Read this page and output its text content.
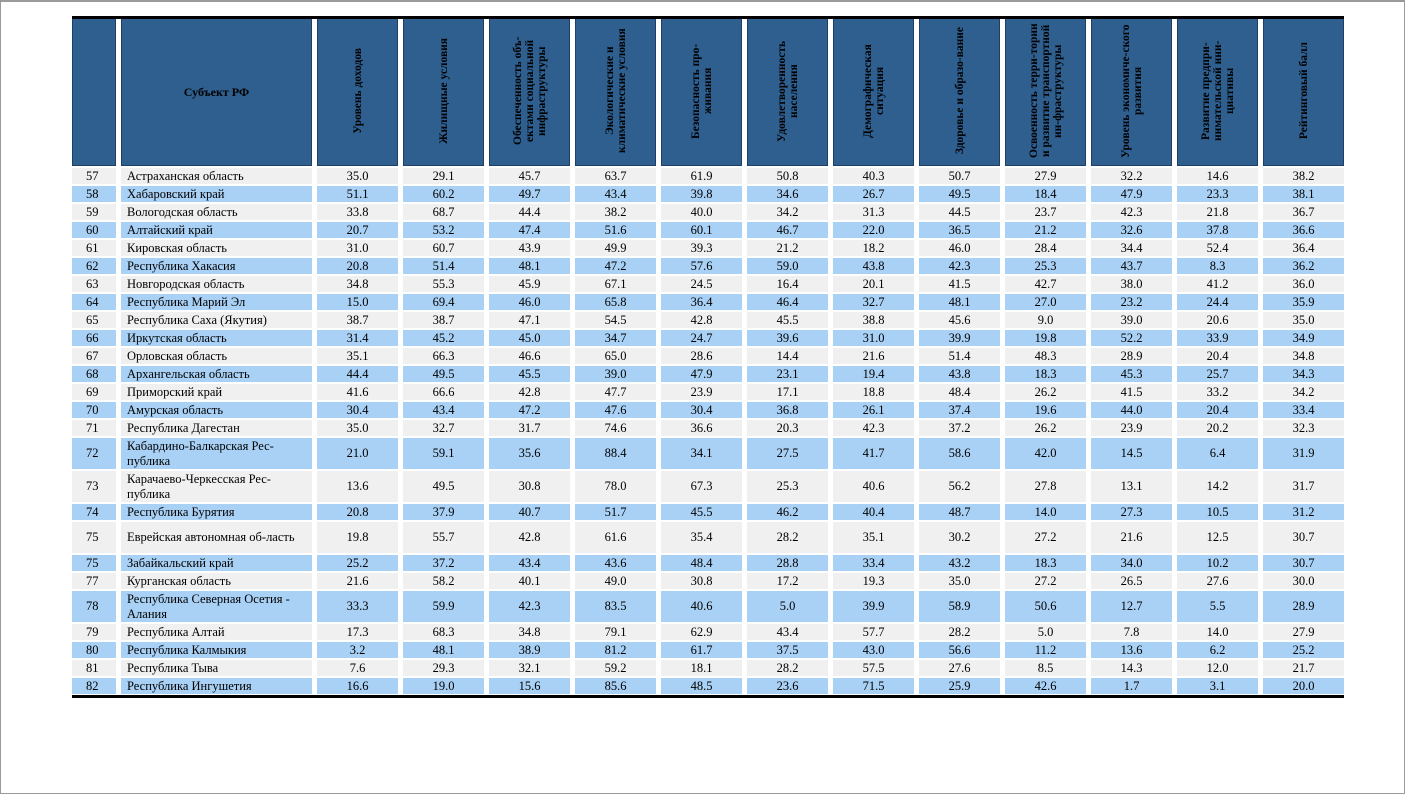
	Субъект РФ	Уровень доходов	Жилищные условия	Обеспеченность объ-ектами социальной инфраструктуры	Экологические и климатические условия	Безопасность про-живания	Удовлетворенность населения	Демографическая ситуация	Здоровье и образо-вание	Освоенность терри-тории и развитие транспортной ин-фраструктуры	Уровень экономиче-ского развития	Развитие предпри-нимательской ини-циативы	Рейтинговый балл
57	Астраханская область	35.0	29.1	45.7	63.7	61.9	50.8	40.3	50.7	27.9	32.2	14.6	38.2
58	Хабаровский край	51.1	60.2	49.7	43.4	39.8	34.6	26.7	49.5	18.4	47.9	23.3	38.1
59	Вологодская область	33.8	68.7	44.4	38.2	40.0	34.2	31.3	44.5	23.7	42.3	21.8	36.7
60	Алтайский край	20.7	53.2	47.4	51.6	60.1	46.7	22.0	36.5	21.2	32.6	37.8	36.6
61	Кировская область	31.0	60.7	43.9	49.9	39.3	21.2	18.2	46.0	28.4	34.4	52.4	36.4
62	Республика Хакасия	20.8	51.4	48.1	47.2	57.6	59.0	43.8	42.3	25.3	43.7	8.3	36.2
63	Новгородская область	34.8	55.3	45.9	67.1	24.5	16.4	20.1	41.5	42.7	38.0	41.2	36.0
64	Республика Марий Эл	15.0	69.4	46.0	65.8	36.4	46.4	32.7	48.1	27.0	23.2	24.4	35.9
65	Республика Саха (Якутия)	38.7	38.7	47.1	54.5	42.8	45.5	38.8	45.6	9.0	39.0	20.6	35.0
66	Иркутская область	31.4	45.2	45.0	34.7	24.7	39.6	31.0	39.9	19.8	52.2	33.9	34.9
67	Орловская область	35.1	66.3	46.6	65.0	28.6	14.4	21.6	51.4	48.3	28.9	20.4	34.8
68	Архангельская область	44.4	49.5	45.5	39.0	47.9	23.1	19.4	43.8	18.3	45.3	25.7	34.3
69	Приморский край	41.6	66.6	42.8	47.7	23.9	17.1	18.8	48.4	26.2	41.5	33.2	34.2
70	Амурская область	30.4	43.4	47.2	47.6	30.4	36.8	26.1	37.4	19.6	44.0	20.4	33.4
71	Республика Дагестан	35.0	32.7	31.7	74.6	36.6	20.3	42.3	37.2	26.2	23.9	20.2	32.3
72	Кабардино-Балкарская Рес-публика	21.0	59.1	35.6	88.4	34.1	27.5	41.7	58.6	42.0	14.5	6.4	31.9
73	Карачаево-Черкесская Рес-публика	13.6	49.5	30.8	78.0	67.3	25.3	40.6	56.2	27.8	13.1	14.2	31.7
74	Республика Бурятия	20.8	37.9	40.7	51.7	45.5	46.2	40.4	48.7	14.0	27.3	10.5	31.2
75	Еврейская автономная об-ласть	19.8	55.7	42.8	61.6	35.4	28.2	35.1	30.2	27.2	21.6	12.5	30.7
75	Забайкальский край	25.2	37.2	43.4	43.6	48.4	28.8	33.4	43.2	18.3	34.0	10.2	30.7
77	Курганская область	21.6	58.2	40.1	49.0	30.8	17.2	19.3	35.0	27.2	26.5	27.6	30.0
78	Республика Северная Осетия - Алания	33.3	59.9	42.3	83.5	40.6	5.0	39.9	58.9	50.6	12.7	5.5	28.9
79	Республика Алтай	17.3	68.3	34.8	79.1	62.9	43.4	57.7	28.2	5.0	7.8	14.0	27.9
80	Республика Калмыкия	3.2	48.1	38.9	81.2	61.7	37.5	43.0	56.6	11.2	13.6	6.2	25.2
81	Республика Тыва	7.6	29.3	32.1	59.2	18.1	28.2	57.5	27.6	8.5	14.3	12.0	21.7
82	Республика Ингушетия	16.6	19.0	15.6	85.6	48.5	23.6	71.5	25.9	42.6	1.7	3.1	20.0
